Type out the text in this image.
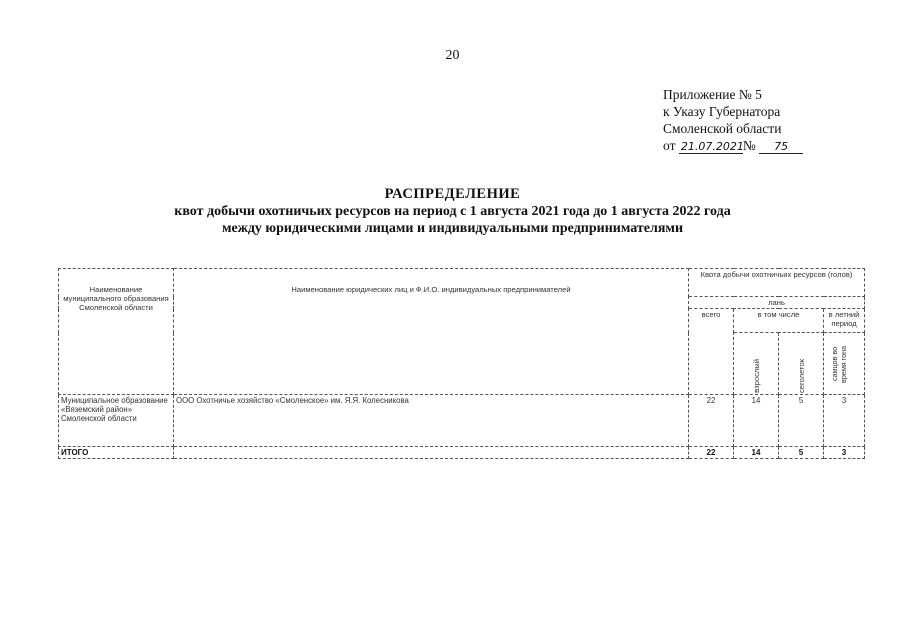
20
Приложение № 5
к Указу Губернатора
Смоленской области
от 21.07.2021№ 75
РАСПРЕДЕЛЕНИЕ
квот добычи охотничьих ресурсов на период с 1 августа 2021 года до 1 августа 2022 года
между юридическими лицами и индивидуальными предпринимателями
Наименование муниципального образования Смоленской области	Наименование юридических лиц и Ф.И.О. индивидуальных предпринимателей	Квота добычи охотничьих ресурсов (голов)			
		лань			
		всего	в том числе		в летний период

			взрослый	сеголеток	самцов во время гона

Муниципальное образование «Вяземский район» Смоленской области	ООО Охотничье хозяйство «Смоленское» им. Я.Я. Колесникова	22	14	5	3
ИТОГО		22	14	5	3
